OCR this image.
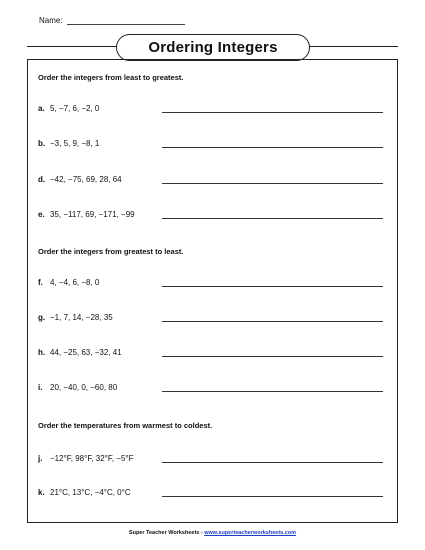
Name:
Ordering Integers
Order the integers from least to greatest.
a. 5, −7, 6, −2, 0
b. −3, 5, 9, −8, 1
d. −42, −75, 69, 28, 64
e. 35, −117, 69, −171, −99
Order the integers from greatest to least.
f. 4, −4, 6, −8, 0
g. −1, 7, 14, −28, 35
h. 44, −25, 63, −32, 41
i. 20, −40, 0, −60, 80
Order the temperatures from warmest to coldest.
j. −12°F, 98°F, 32°F, −5°F
k. 21°C, 13°C, −4°C, 0°C
Super Teacher Worksheets - www.superteacherworksheets.com
